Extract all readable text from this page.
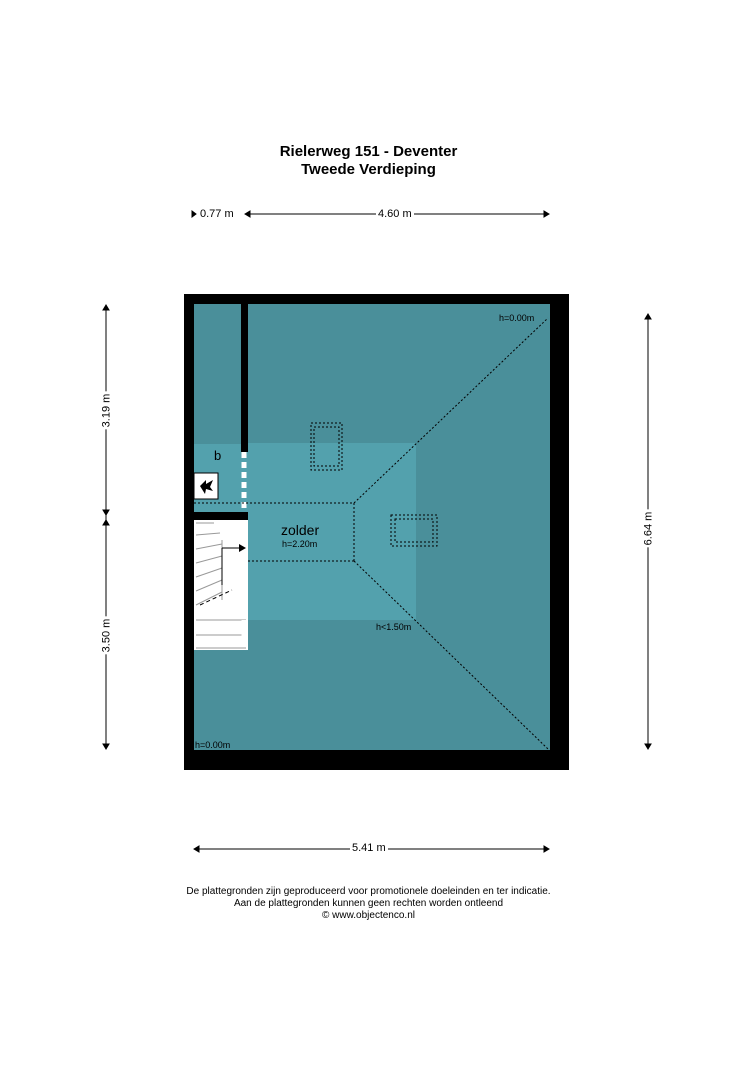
Rielerweg 151 - Deventer
Tweede Verdieping
0.77 m	4.60 m
5.41 m
3.19 m
3.50 m
6.64 m
h=0.00m
h=0.00m
h<1.50m
b
zolder
h=2.20m
De plattegronden zijn geproduceerd voor promotionele doeleinden en ter indicatie.
Aan de plattegronden kunnen geen rechten worden ontleend
© www.objectenco.nl
